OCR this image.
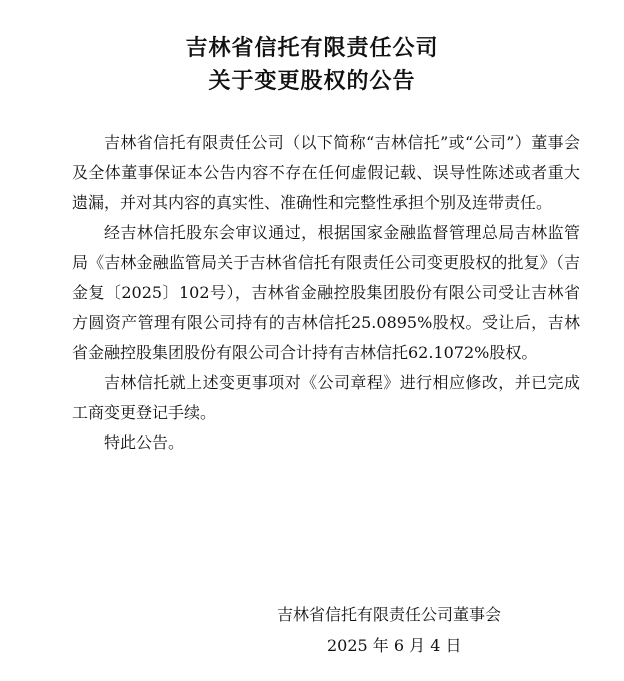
吉林省信托有限责任公司
关于变更股权的公告

吉林省信托有限责任公司（以下简称“吉林信托”或“公司”）董事会及全体董事保证本公告内容不存在任何虚假记载、误导性陈述或者重大遗漏，并对其内容的真实性、准确性和完整性承担个别及连带责任。

经吉林信托股东会审议通过，根据国家金融监督管理总局吉林监管局《吉林金融监管局关于吉林省信托有限责任公司变更股权的批复》（吉金复〔2025〕102号），吉林省金融控股集团股份有限公司受让吉林省方圆资产管理有限公司持有的吉林信托25.0895%股权。受让后，吉林省金融控股集团股份有限公司合计持有吉林信托62.1072%股权。

吉林信托就上述变更事项对《公司章程》进行相应修改，并已完成工商变更登记手续。

特此公告。

吉林省信托有限责任公司董事会
2025 年 6 月 4 日
